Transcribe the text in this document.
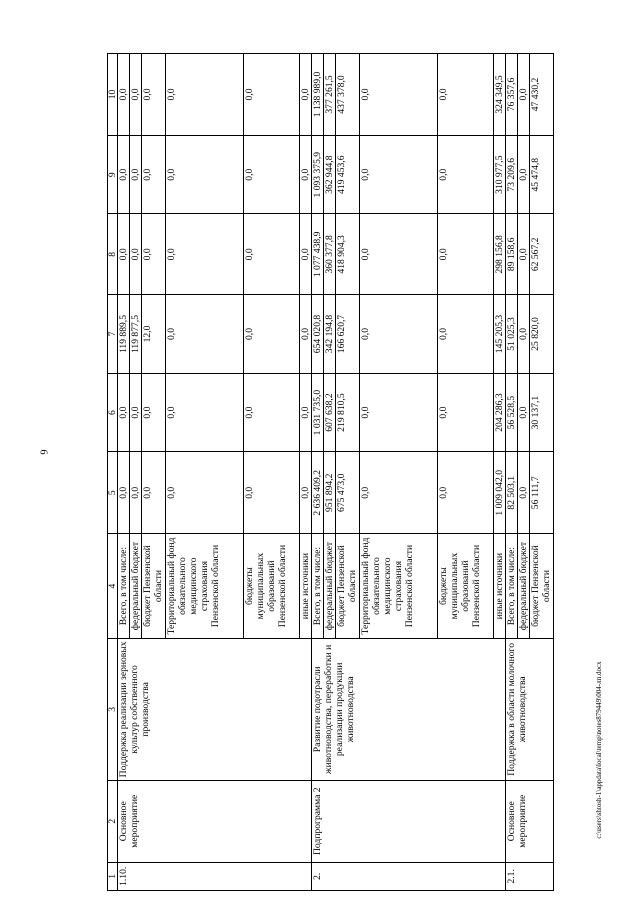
6
c:\users\shtosh-1\appdata\local\temp\notes879449\004-лп.docx
1	2	3	4	5	6	7	8	9	10
1.10.	Основное мероприятие	Поддержка реализации зерновых культур собственного производства	Всего, в том числе:	0,0	0,0	119 889,5	0,0	0,0	0,0
			федеральный бюджет	0,0	0,0	119 877,5	0,0	0,0	0,0
			бюджет Пензенской области	0,0	0,0	12,0	0,0	0,0	0,0
			Территориальный фонд обязательного медицинского страхования Пензенской области	0,0	0,0	0,0	0,0	0,0	0,0
			бюджеты муниципальных образований Пензенской области	0,0	0,0	0,0	0,0	0,0	0,0
			иные источники	0,0	0,0	0,0	0,0	0,0	0,0
2.	Подпрограмма 2	Развитие подотрасли животноводства, переработки и реализации продукции животноводства	Всего, в том числе:	2 636 409,2	1 031 735,0	654 020,8	1 077 438,9	1 093 375,9	1 138 989,0
			федеральный бюджет	951 894,2	607 638,2	342 194,8	360 377,8	362 944,8	377 261,5
			бюджет Пензенской области	675 473,0	219 810,5	166 620,7	418 904,3	419 453,6	437 378,0
			Территориальный фонд обязательного медицинского страхования Пензенской области	0,0	0,0	0,0	0,0	0,0	0,0
			бюджеты муниципальных образований Пензенской области	0,0	0,0	0,0	0,0	0,0	0,0
			иные источники	1 009 042,0	204 286,3	145 205,3	298 156,8	310 977,5	324 349,5
2.1.	Основное мероприятие	Поддержка в области молочного животноводства	Всего, в том числе:	82 503,1	56 528,5	51 025,3	89 158,6	73 209,6	76 357,6
			федеральный бюджет	0,0	0,0	0,0	0,0	0,0	0,0
			бюджет Пензенской области	56 111,7	30 137,1	25 820,0	62 567,2	45 474,8	47 430,2
